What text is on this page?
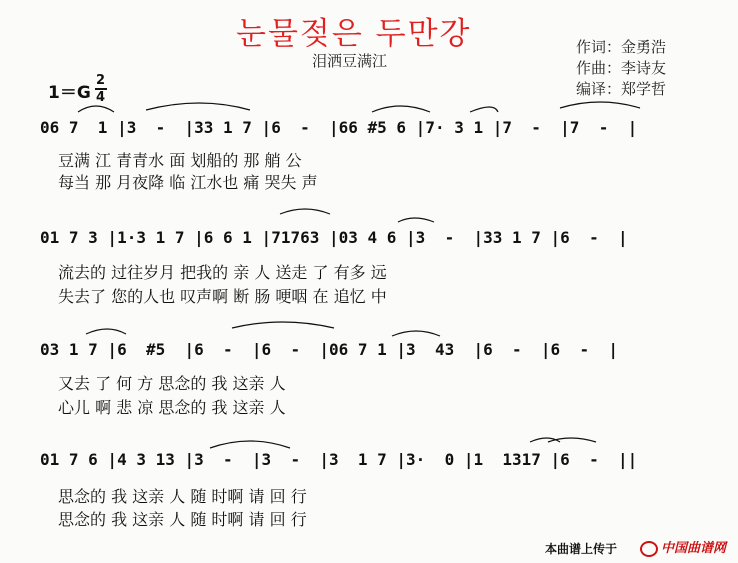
눈물젖은 두만강
泪洒豆满江
作词：金勇浩
作曲：李诗友
编译：郑学哲
1＝G
2
4
06 7  1 |3  -  |33 1 7 |6  -  |66 #5 6 |7· 3 1 |7  -  |7  -  |
豆满 江 青青水 面 划船的 那 艄 公
每当 那 月夜降 临 江水也 痛 哭失 声
01 7 3 |1·3 1 7 |6 6 1 |71763 |03 4 6 |3  -  |33 1 7 |6  -  |
流去的 过往岁月 把我的 亲 人 送走 了 有多 远
失去了 您的人也 叹声啊 断 肠 哽咽 在 追忆 中
03 1 7 |6  #5  |6  -  |6  -  |06 7 1 |3  43  |6  -  |6  -  |
又去 了 何 方 思念的 我 这亲 人
心儿 啊 悲 凉 思念的 我 这亲 人
01 7 6 |4 3 13 |3  -  |3  -  |3  1 7 |3·  0 |1  1317 |6  -  ||
思念的 我 这亲 人 随 时啊 请 回 行
思念的 我 这亲 人 随 时啊 请 回 行
本曲谱上传于	中国曲谱网
